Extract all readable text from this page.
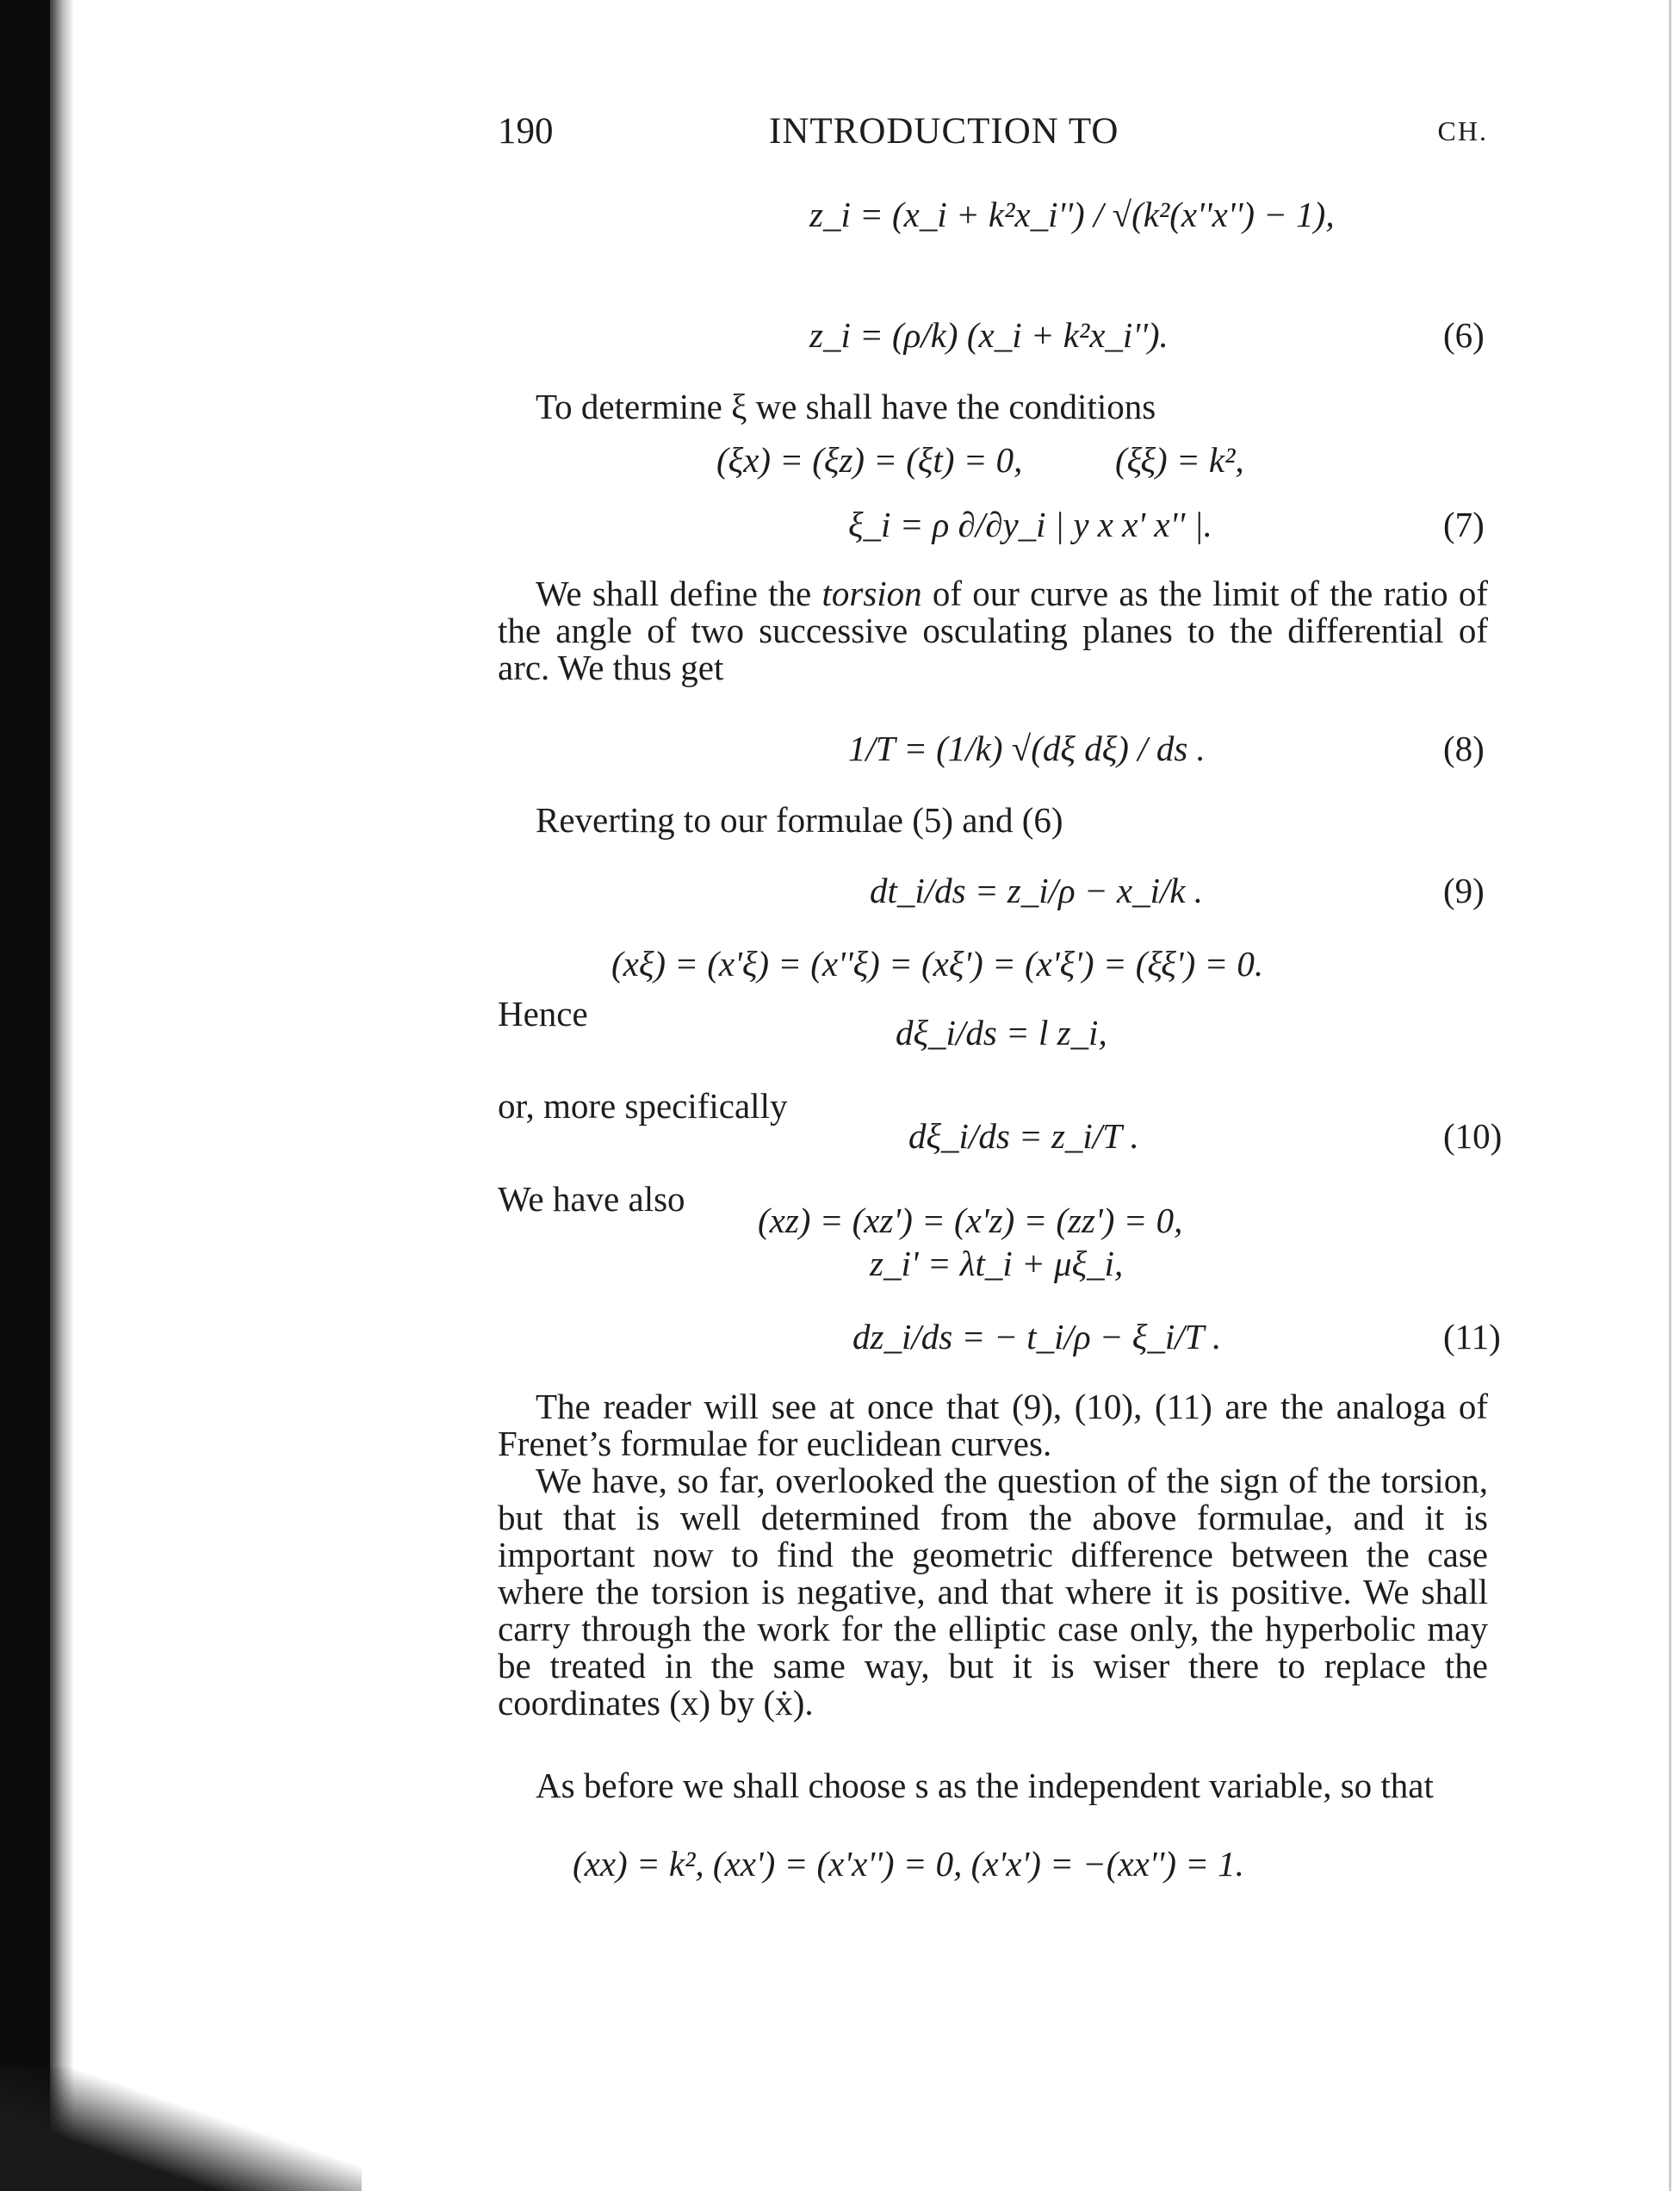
190	INTRODUCTION TO	CH.
z_i = (x_i + k²x_i'') / √(k²(x''x'') − 1),
z_i = (ρ/k) (x_i + k²x_i'').	(6)
To determine ξ we shall have the conditions
(ξx) = (ξz) = (ξt) = 0,	(ξξ) = k²,
ξ_i = ρ ∂/∂y_i | y x x' x'' |.	(7)
We shall define the torsion of our curve as the limit of the ratio of the angle of two successive osculating planes to the differential of arc. We thus get
1/T = (1/k) √(dξ dξ) / ds .	(8)
Reverting to our formulae (5) and (6)
dt_i/ds = z_i/ρ − x_i/k .	(9)
(xξ) = (x'ξ) = (x''ξ) = (xξ') = (x'ξ') = (ξξ') = 0.
Hence	dξ_i/ds = l z_i,
or, more specifically
dξ_i/ds = z_i/T .	(10)
We have also
(xz) = (xz') = (x'z) = (zz') = 0,
z_i' = λt_i + μξ_i,
dz_i/ds = − t_i/ρ − ξ_i/T .	(11)
The reader will see at once that (9), (10), (11) are the analoga of Frenet’s formulae for euclidean curves.
We have, so far, overlooked the question of the sign of the torsion, but that is well determined from the above formulae, and it is important now to find the geometric difference between the case where the torsion is negative, and that where it is positive. We shall carry through the work for the elliptic case only, the hyperbolic may be treated in the same way, but it is wiser there to replace the coordinates (x) by (ẋ).
As before we shall choose s as the independent variable, so that
(xx) = k², (xx') = (x'x'') = 0, (x'x') = −(xx'') = 1.
